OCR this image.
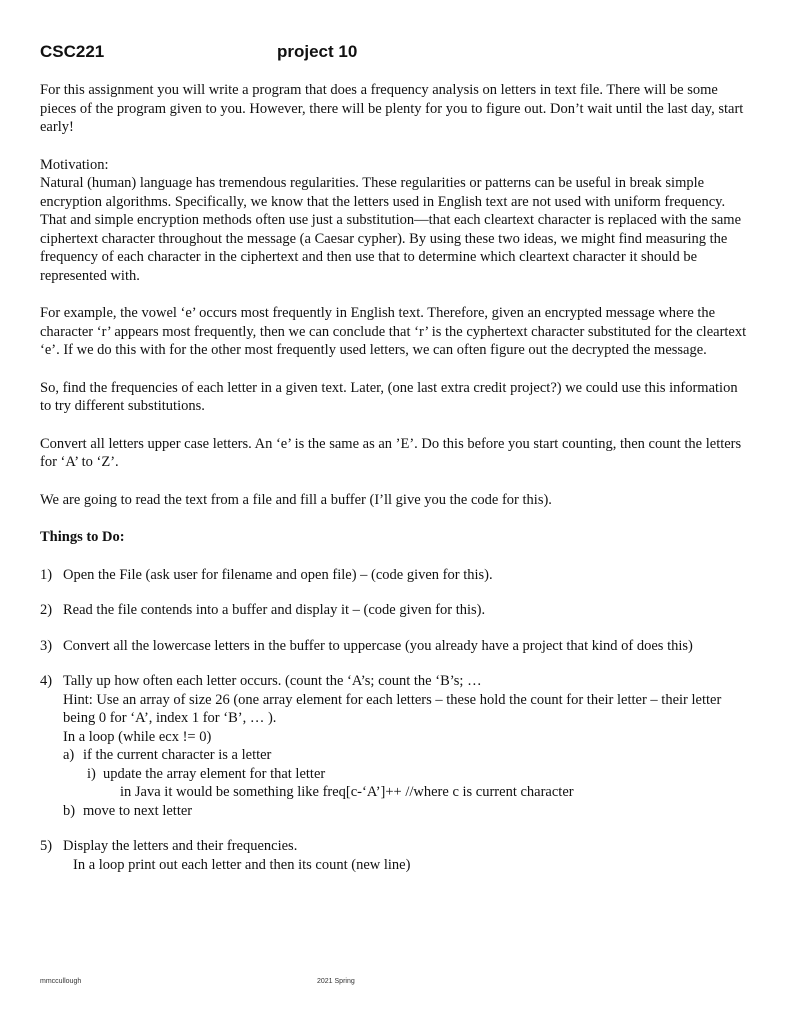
CSC221	project 10

For this assignment you will write a program that does a frequency analysis on letters in text file. There will be some pieces of the program given to you. However, there will be plenty for you to figure out. Don’t wait until the last day, start early!

Motivation:

Natural (human) language has tremendous regularities. These regularities or patterns can be useful in break simple encryption algorithms. Specifically, we know that the letters used in English text are not used with uniform frequency. That and simple encryption methods often use just a substitution—that each cleartext character is replaced with the same ciphertext character throughout the message (a Caesar cypher). By using these two ideas, we might find measuring the frequency of each character in the ciphertext and then use that to determine which cleartext character it should be represented with.

For example, the vowel ‘e’ occurs most frequently in English text. Therefore, given an encrypted message where the character ‘r’ appears most frequently, then we can conclude that ‘r’ is the cyphertext character substituted for the cleartext ‘e’. If we do this with for the other most frequently used letters, we can often figure out the decrypted the message.

So, find the frequencies of each letter in a given text. Later, (one last extra credit project?) we could use this information to try different substitutions.

Convert all letters upper case letters. An ‘e’ is the same as an ’E’. Do this before you start counting, then count the letters for ‘A’ to ‘Z’.

We are going to read the text from a file and fill a buffer (I’ll give you the code for this).

Things to Do:
1) Open the File (ask user for filename and open file) – (code given for this).
2) Read the file contends into a buffer and display it – (code given for this).
3) Convert all the lowercase letters in the buffer to uppercase (you already have a project that kind of does this)
4) Tally up how often each letter occurs. (count the ‘A’s; count the ‘B’s; …
Hint: Use an array of size 26 (one array element for each letters – these hold the count for their letter – their letter being 0 for ‘A’, index 1 for ‘B’, … ).
In a loop (while ecx != 0)
a) if the current character is a letter
i) update the array element for that letter
in Java it would be something like freq[c-‘A’]++ //where c is current character
b) move to next letter
5) Display the letters and their frequencies.
In a loop print out each letter and then its count (new line)
mmccullough	2021 Spring
